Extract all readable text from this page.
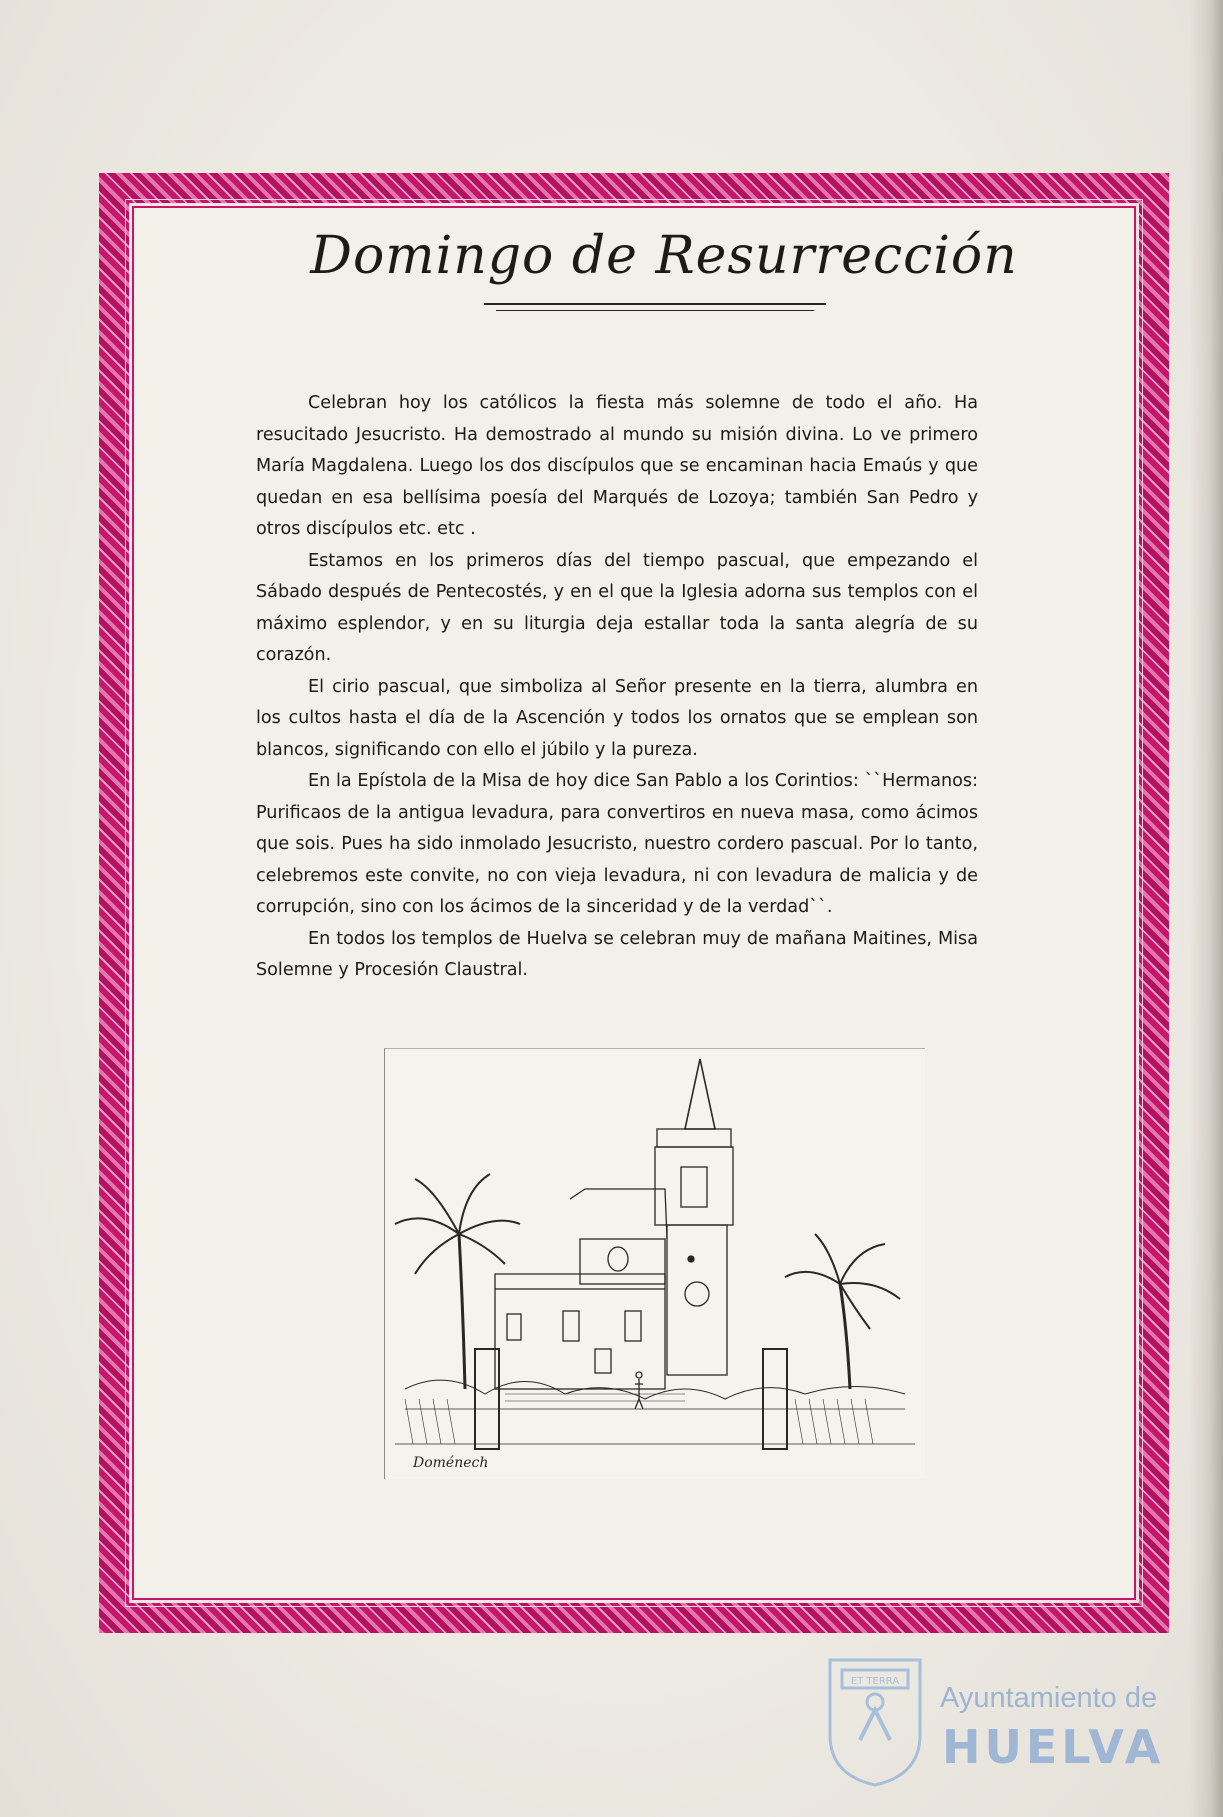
Domingo de Resurrección

Celebran hoy los católicos la fiesta más solemne de todo el año. Ha resucitado Jesucristo. Ha demostrado al mundo su misión divina. Lo ve primero María Magdalena. Luego los dos discípulos que se encaminan hacia Emaús y que quedan en esa bellísima poesía del Marqués de Lozoya; también San Pedro y otros discípulos etc. etc .

Estamos en los primeros días del tiempo pascual, que empezando el Sábado después de Pentecostés, y en el que la Iglesia adorna sus templos con el máximo esplendor, y en su liturgia deja estallar toda la santa alegría de su corazón.

El cirio pascual, que simboliza al Señor presente en la tierra, alumbra en los cultos hasta el día de la Ascención y todos los ornatos que se emplean son blancos, significando con ello el júbilo y la pureza.

En la Epístola de la Misa de hoy dice San Pablo a los Corintios: ``Hermanos: Purificaos de la antigua levadura, para convertiros en nueva masa, como ácimos que sois. Pues ha sido inmolado Jesucristo, nuestro cordero pascual. Por lo tanto, celebremos este convite, no con vieja levadura, ni con levadura de malicia y de corrupción, sino con los ácimos de la sinceridad y de la verdad``.

En todos los templos de Huelva se celebran muy de mañana Maitines, Misa Solemne y Procesión Claustral.

Doménech
ET TERRA
Ayuntamiento de
HUELVA
